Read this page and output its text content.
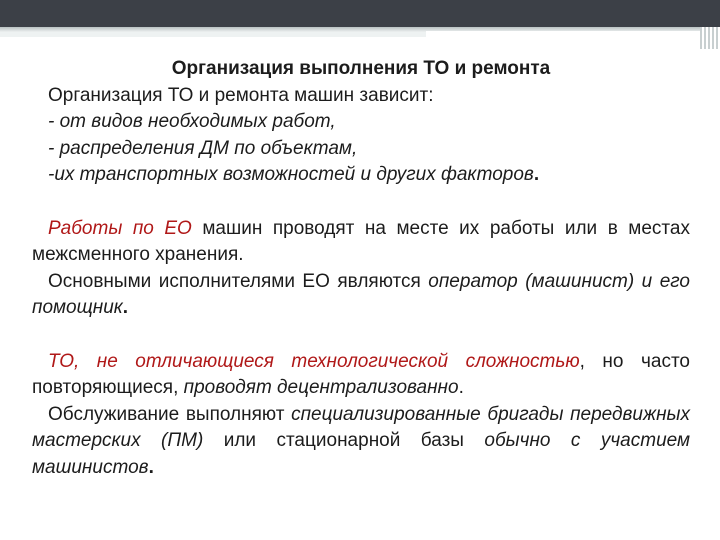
Организация выполнения ТО и ремонта

Организация ТО и ремонта машин зависит:

- от видов необходимых работ,

- распределения ДМ по объектам,

-их транспортных возможностей и других факторов.

Работы по ЕО машин проводят на месте их работы или в местах межсменного хранения.

Основными исполнителями ЕО являются оператор (машинист) и его помощник.

ТО, не отличающиеся технологической сложностью, но часто повторяющиеся, проводят децентрализованно.

Обслуживание выполняют специализированные бригады передвижных мастерских (ПМ) или стационарной базы обычно с участием машинистов.
